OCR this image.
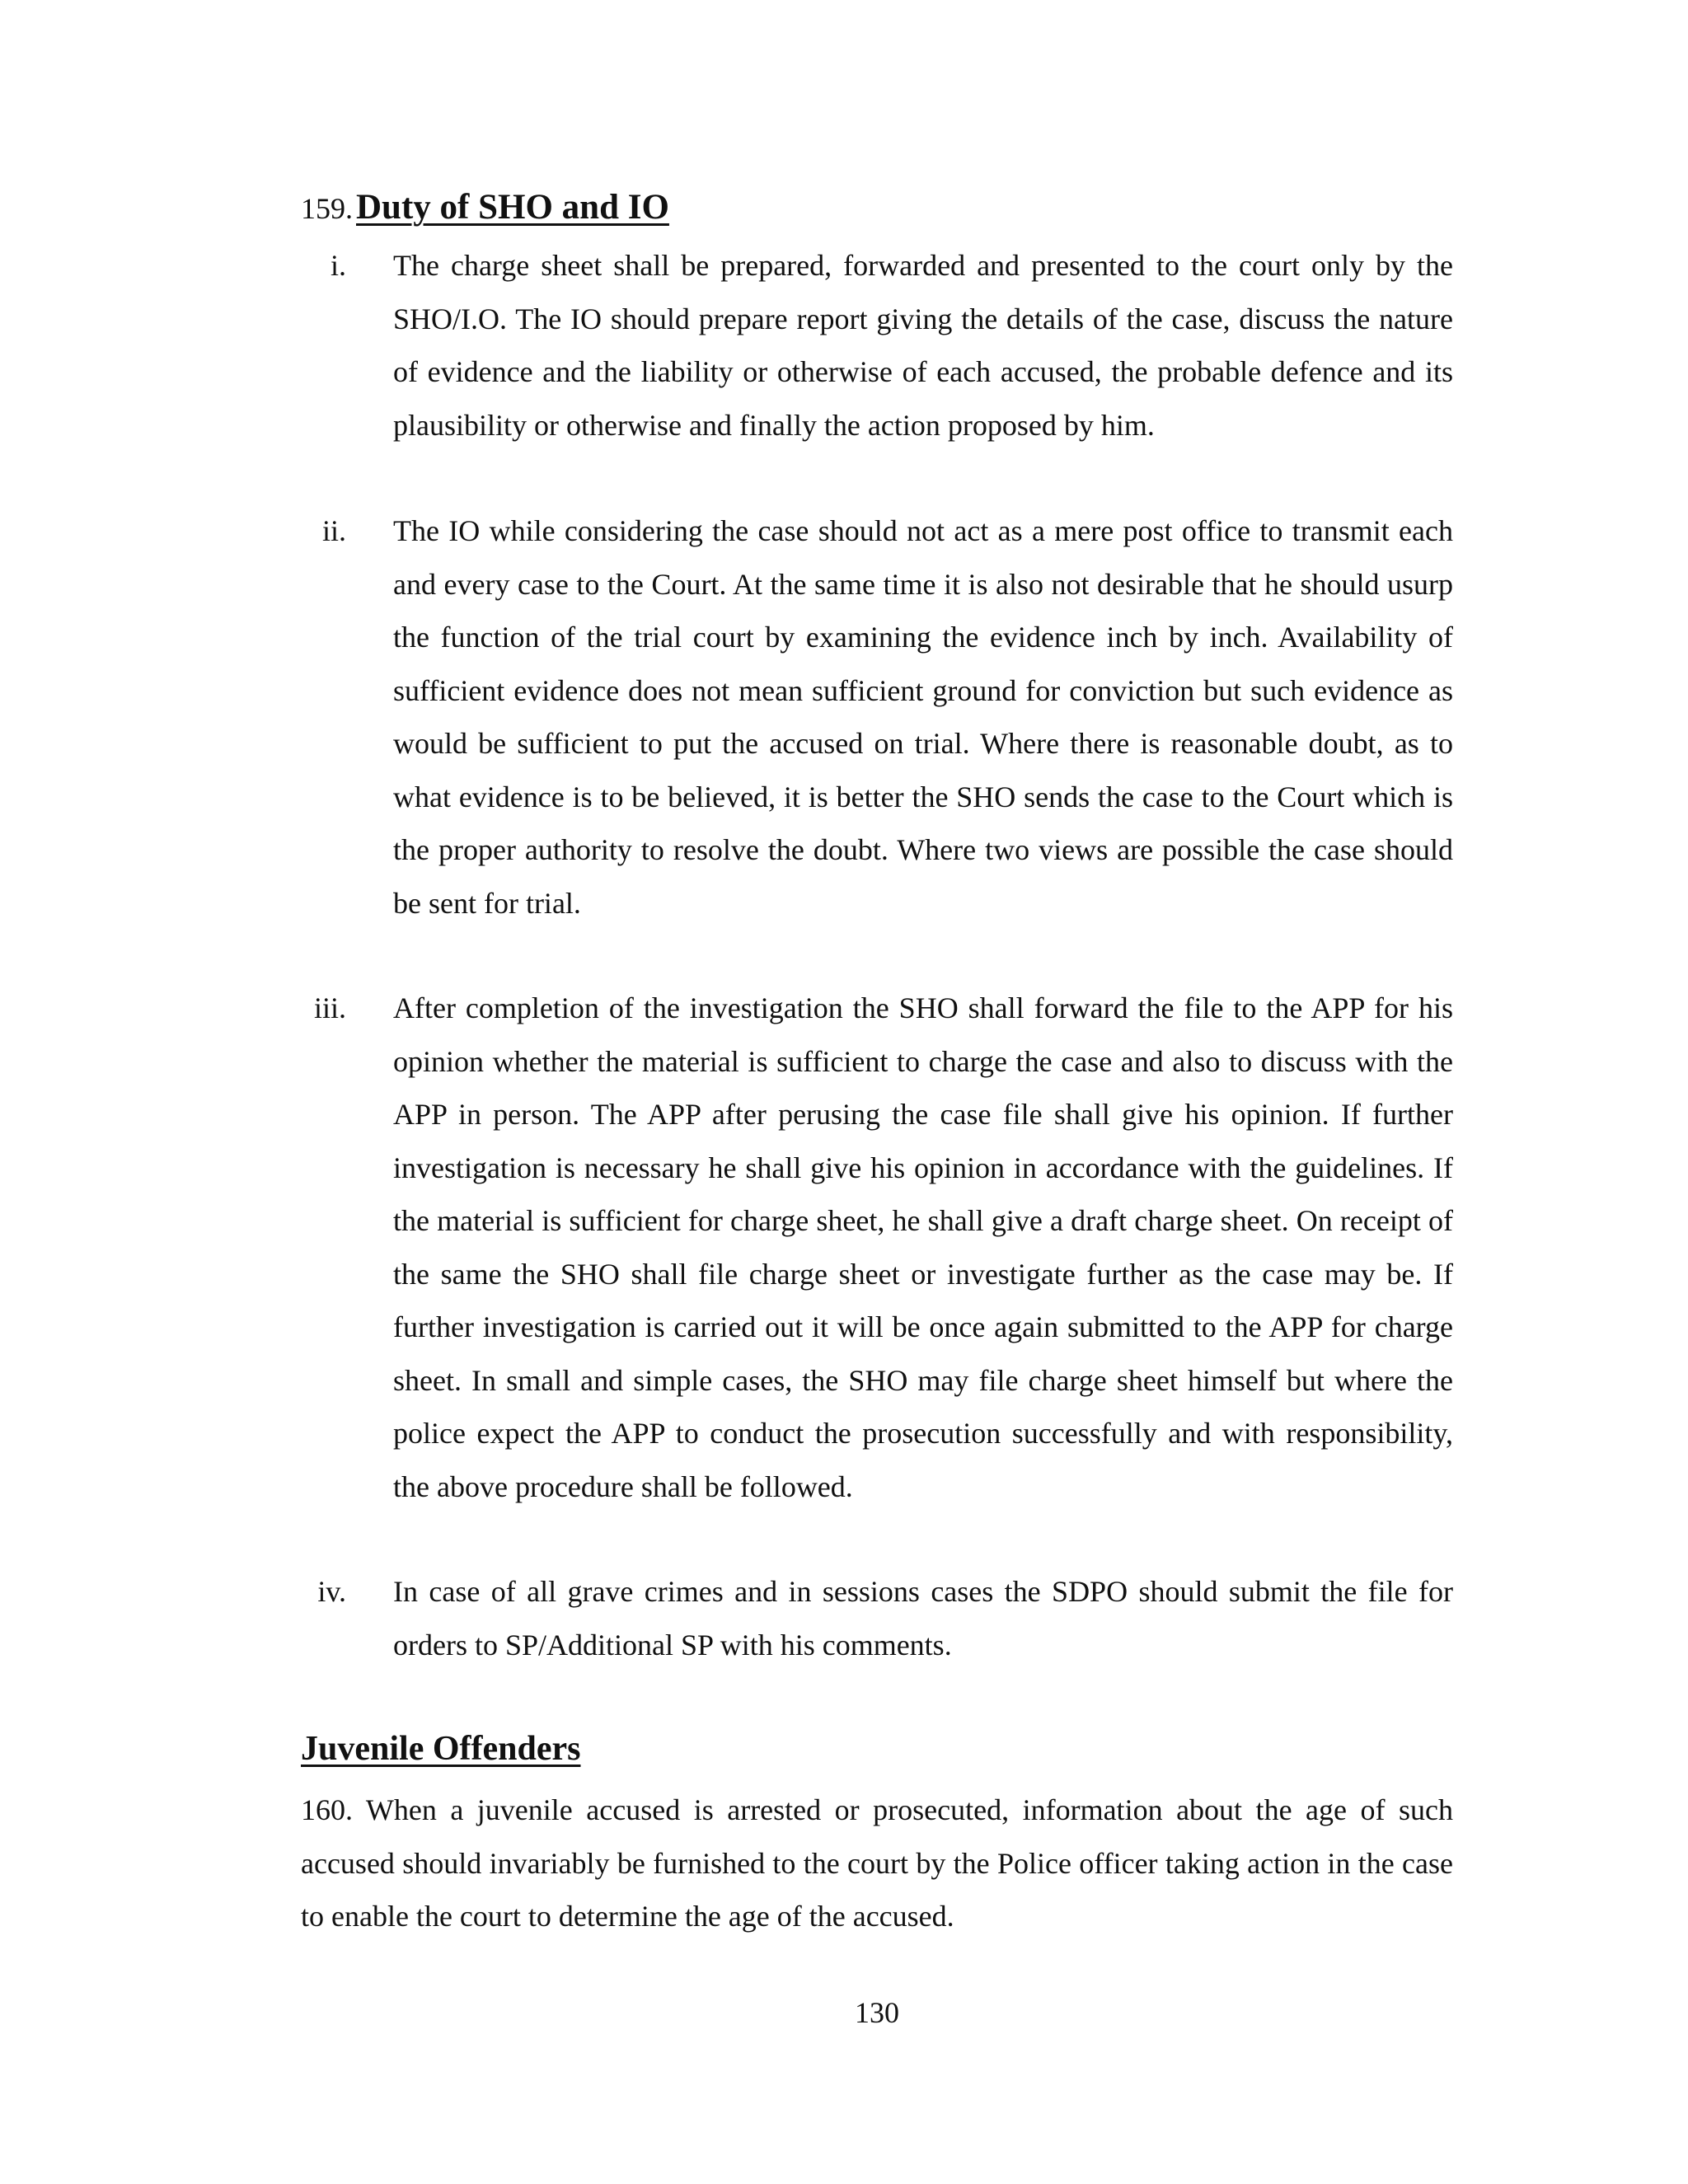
159.Duty of SHO and IO
i. The charge sheet shall be prepared, forwarded and presented to the court only by the SHO/I.O. The IO should prepare report giving the details of the case, discuss the nature of evidence and the liability or otherwise of each accused, the probable defence and its plausibility or otherwise and finally the action proposed by him.
ii. The IO while considering the case should not act as a mere post office to transmit each and every case to the Court. At the same time it is also not desirable that he should usurp the function of the trial court by examining the evidence inch by inch. Availability of sufficient evidence does not mean sufficient ground for conviction but such evidence as would be sufficient to put the accused on trial. Where there is reasonable doubt, as to what evidence is to be believed, it is better the SHO sends the case to the Court which is the proper authority to resolve the doubt. Where two views are possible the case should be sent for trial.
iii. After completion of the investigation the SHO shall forward the file to the APP for his opinion whether the material is sufficient to charge the case and also to discuss with the APP in person. The APP after perusing the case file shall give his opinion. If further investigation is necessary he shall give his opinion in accordance with the guidelines. If the material is sufficient for charge sheet, he shall give a draft charge sheet. On receipt of the same the SHO shall file charge sheet or investigate further as the case may be. If further investigation is carried out it will be once again submitted to the APP for charge sheet. In small and simple cases, the SHO may file charge sheet himself but where the police expect the APP to conduct the prosecution successfully and with responsibility, the above procedure shall be followed.
iv. In case of all grave crimes and in sessions cases the SDPO should submit the file for orders to SP/Additional SP with his comments.
Juvenile Offenders
160. When a juvenile accused is arrested or prosecuted, information about the age of such accused should invariably be furnished to the court by the Police officer taking action in the case to enable the court to determine the age of the accused.
130
